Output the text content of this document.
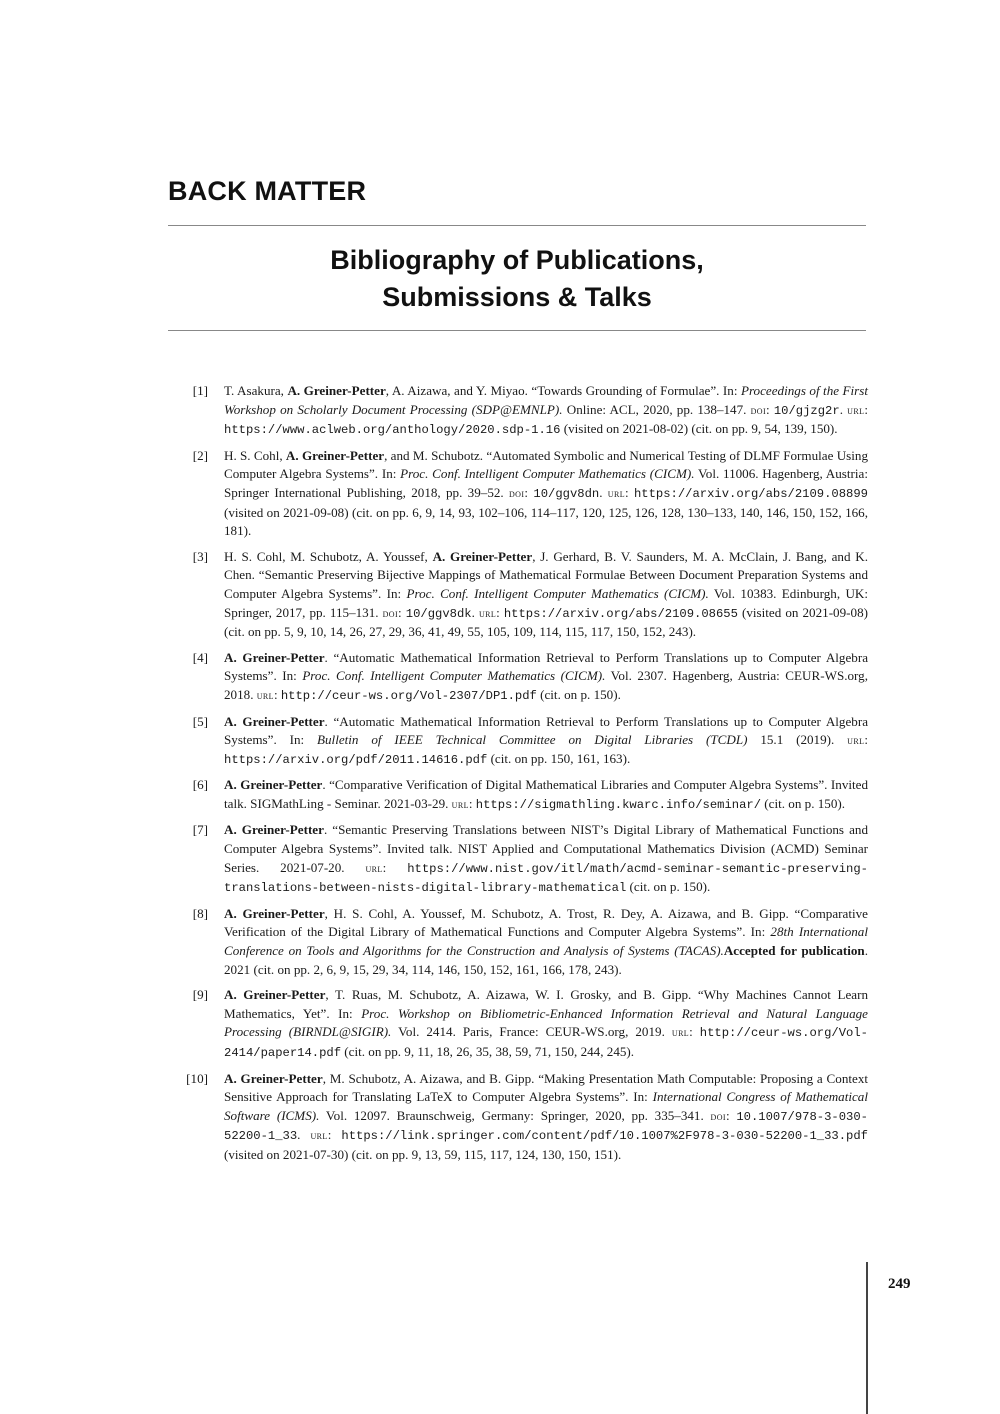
BACK MATTER
Bibliography of Publications,
Submissions & Talks
[1] T. Asakura, A. Greiner-Petter, A. Aizawa, and Y. Miyao. “Towards Grounding of Formulae”. In: Proceedings of the First Workshop on Scholarly Document Processing (SDP@EMNLP). Online: ACL, 2020, pp. 138–147. doi: 10/gjzg2r. url: https://www.aclweb.org/anthology/2020.sdp-1.16 (visited on 2021-08-02) (cit. on pp. 9, 54, 139, 150).
[2] H. S. Cohl, A. Greiner-Petter, and M. Schubotz. “Automated Symbolic and Numerical Testing of DLMF Formulae Using Computer Algebra Systems”. In: Proc. Conf. Intelligent Computer Mathematics (CICM). Vol. 11006. Hagenberg, Austria: Springer International Publishing, 2018, pp. 39–52. doi: 10/ggv8dn. url: https://arxiv.org/abs/2109.08899 (visited on 2021-09-08) (cit. on pp. 6, 9, 14, 93, 102–106, 114–117, 120, 125, 126, 128, 130–133, 140, 146, 150, 152, 166, 181).
[3] H. S. Cohl, M. Schubotz, A. Youssef, A. Greiner-Petter, J. Gerhard, B. V. Saunders, M. A. McClain, J. Bang, and K. Chen. “Semantic Preserving Bijective Mappings of Mathematical Formulae Between Document Preparation Systems and Computer Algebra Systems”. In: Proc. Conf. Intelligent Computer Mathematics (CICM). Vol. 10383. Edinburgh, UK: Springer, 2017, pp. 115–131. doi: 10/ggv8dk. url: https://arxiv.org/abs/2109.08655 (visited on 2021-09-08) (cit. on pp. 5, 9, 10, 14, 26, 27, 29, 36, 41, 49, 55, 105, 109, 114, 115, 117, 150, 152, 243).
[4] A. Greiner-Petter. “Automatic Mathematical Information Retrieval to Perform Translations up to Computer Algebra Systems”. In: Proc. Conf. Intelligent Computer Mathematics (CICM). Vol. 2307. Hagenberg, Austria: CEUR-WS.org, 2018. url: http://ceur-ws.org/Vol-2307/DP1.pdf (cit. on p. 150).
[5] A. Greiner-Petter. “Automatic Mathematical Information Retrieval to Perform Translations up to Computer Algebra Systems”. In: Bulletin of IEEE Technical Committee on Digital Libraries (TCDL) 15.1 (2019). url: https://arxiv.org/pdf/2011.14616.pdf (cit. on pp. 150, 161, 163).
[6] A. Greiner-Petter. “Comparative Verification of Digital Mathematical Libraries and Computer Algebra Systems”. Invited talk. SIGMathLing - Seminar. 2021-03-29. url: https://sigmathling.kwarc.info/seminar/ (cit. on p. 150).
[7] A. Greiner-Petter. “Semantic Preserving Translations between NIST’s Digital Library of Mathematical Functions and Computer Algebra Systems”. Invited talk. NIST Applied and Computational Mathematics Division (ACMD) Seminar Series. 2021-07-20. url: https://www.nist.gov/itl/math/acmd-seminar-semantic-preserving-translations-between-nists-digital-library-mathematical (cit. on p. 150).
[8] A. Greiner-Petter, H. S. Cohl, A. Youssef, M. Schubotz, A. Trost, R. Dey, A. Aizawa, and B. Gipp. “Comparative Verification of the Digital Library of Mathematical Functions and Computer Algebra Systems”. In: 28th International Conference on Tools and Algorithms for the Construction and Analysis of Systems (TACAS).Accepted for publication. 2021 (cit. on pp. 2, 6, 9, 15, 29, 34, 114, 146, 150, 152, 161, 166, 178, 243).
[9] A. Greiner-Petter, T. Ruas, M. Schubotz, A. Aizawa, W. I. Grosky, and B. Gipp. “Why Machines Cannot Learn Mathematics, Yet”. In: Proc. Workshop on Bibliometric-Enhanced Information Retrieval and Natural Language Processing (BIRNDL@SIGIR). Vol. 2414. Paris, France: CEUR-WS.org, 2019. url: http://ceur-ws.org/Vol-2414/paper14.pdf (cit. on pp. 9, 11, 18, 26, 35, 38, 59, 71, 150, 244, 245).
[10] A. Greiner-Petter, M. Schubotz, A. Aizawa, and B. Gipp. “Making Presentation Math Computable: Proposing a Context Sensitive Approach for Translating LaTeX to Computer Algebra Systems”. In: International Congress of Mathematical Software (ICMS). Vol. 12097. Braunschweig, Germany: Springer, 2020, pp. 335–341. doi: 10.1007/978-3-030-52200-1_33. url: https://link.springer.com/content/pdf/10.1007%2F978-3-030-52200-1_33.pdf (visited on 2021-07-30) (cit. on pp. 9, 13, 59, 115, 117, 124, 130, 150, 151).
249
